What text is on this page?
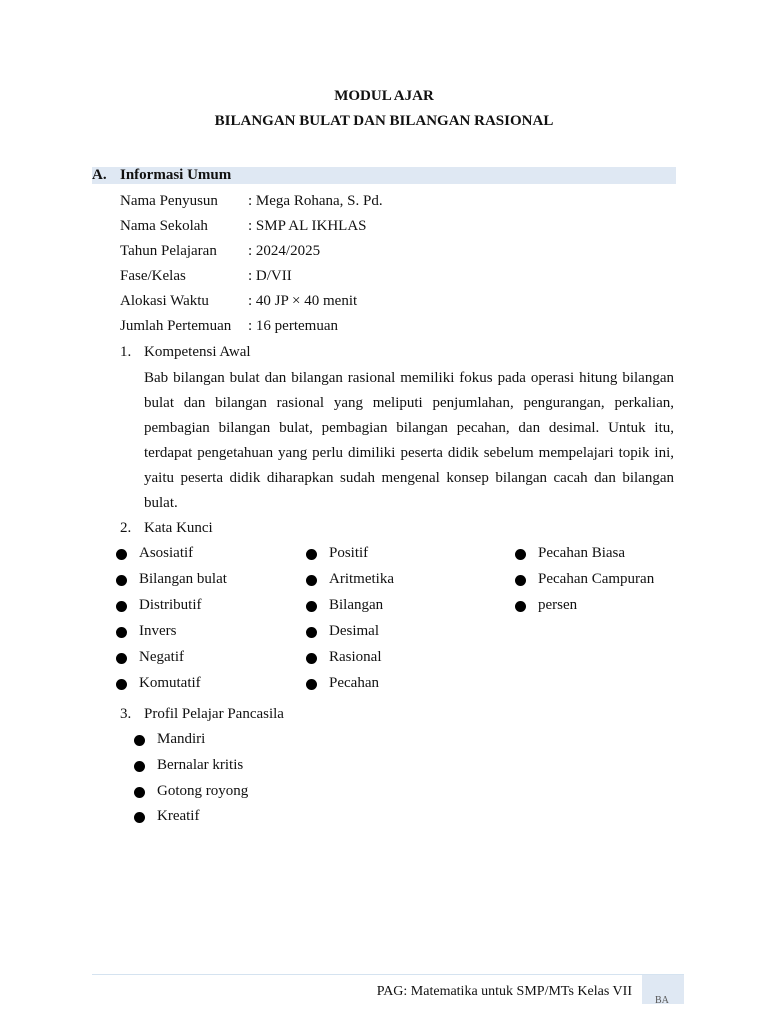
MODUL AJAR
BILANGAN BULAT DAN BILANGAN RASIONAL
A. Informasi Umum
Nama Penyusun : Mega Rohana, S. Pd.
Nama Sekolah	: SMP AL IKHLAS
Tahun Pelajaran : 2024/2025
Fase/Kelas	: D/VII
Alokasi Waktu	: 40 JP × 40 menit
Jumlah Pertemuan : 16 pertemuan
1. Kompetensi Awal

Bab bilangan bulat dan bilangan rasional memiliki fokus pada operasi hitung bilangan bulat dan bilangan rasional yang meliputi penjumlahan, pengurangan, perkalian, pembagian bilangan bulat, pembagian bilangan pecahan, dan desimal. Untuk itu, terdapat pengetahuan yang perlu dimiliki peserta didik sebelum mempelajari topik ini, yaitu peserta didik diharapkan sudah mengenal konsep bilangan cacah dan bilangan bulat.

2. Kata Kunci
Asosiatif
Bilangan bulat
Distributif
Invers
Negatif
Komutatif
Positif
Aritmetika
Bilangan
Desimal
Rasional
Pecahan
Pecahan Biasa
Pecahan Campuran
persen
3. Profil Pelajar Pancasila
Mandiri
Bernalar kritis
Gotong royong
Kreatif
PAG: Matematika untuk SMP/MTs Kelas VII
BA
